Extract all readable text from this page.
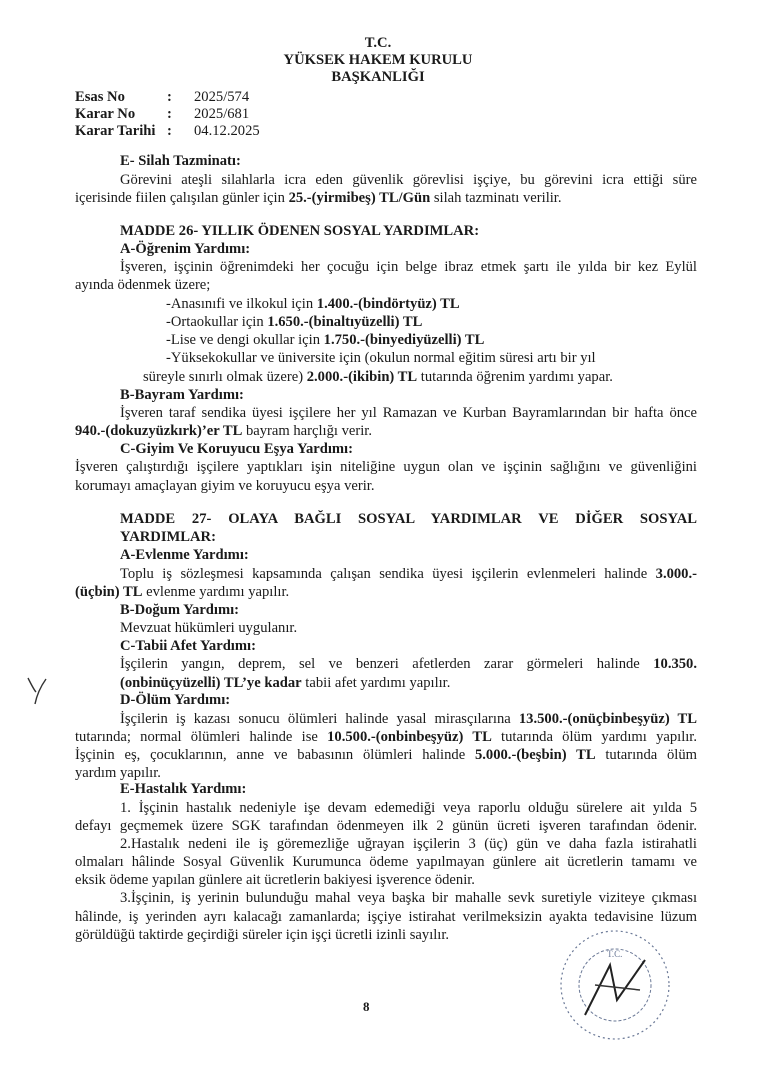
T.C.
YÜKSEK HAKEM KURULU
BAŞKANLIĞI
Esas No	: 2025/574
Karar No : 2025/681
Karar Tarihi : 04.12.2025
E- Silah Tazminatı:
Görevini ateşli silahlarla icra eden güvenlik görevlisi işçiye, bu görevini icra ettiği süre
içerisinde fiilen çalışılan günler için 25.-(yirmibeş) TL/Gün silah tazminatı verilir.
MADDE 26- YILLIK ÖDENEN SOSYAL YARDIMLAR:
A-Öğrenim Yardımı:
İşveren, işçinin öğrenimdeki her çocuğu için belge ibraz etmek şartı ile yılda bir kez Eylül
ayında ödenmek üzere;
-Anasınıfi ve ilkokul için 1.400.-(bindörtyüz) TL
-Ortaokullar için 1.650.-(binaltıyüzelli) TL
-Lise ve dengi okullar için 1.750.-(binyediyüzelli) TL
-Yüksekokullar ve üniversite için (okulun normal eğitim süresi artı bir yıl
süreyle sınırlı olmak üzere) 2.000.-(ikibin) TL tutarında öğrenim yardımı yapar.
B-Bayram Yardımı:
İşveren taraf sendika üyesi işçilere her yıl Ramazan ve Kurban Bayramlarından bir hafta önce
940.-(dokuzyüzkırk)’er TL bayram harçlığı verir.
C-Giyim Ve Koruyucu Eşya Yardımı:
İşveren çalıştırdığı işçilere yaptıkları işin niteliğine uygun olan ve işçinin sağlığını ve güvenliğini
korumayı amaçlayan giyim ve koruyucu eşya verir.
MADDE 27- OLAYA BAĞLI SOSYAL YARDIMLAR VE DİĞER SOSYAL
YARDIMLAR:
A-Evlenme Yardımı:
Toplu iş sözleşmesi kapsamında çalışan sendika üyesi işçilerin evlenmeleri halinde 3.000.-
(üçbin) TL evlenme yardımı yapılır.
B-Doğum Yardımı:
Mevzuat hükümleri uygulanır.
C-Tabii Afet Yardımı:
İşçilerin yangın, deprem, sel ve benzeri afetlerden zarar görmeleri halinde 10.350.
(onbinüçyüzelli) TL’ye kadar tabii afet yardımı yapılır.
D-Ölüm Yardımı:
İşçilerin iş kazası sonucu ölümleri halinde yasal mirasçılarına 13.500.-(onüçbinbeşyüz) TL
tutarında; normal ölümleri halinde ise 10.500.-(onbinbeşyüz) TL tutarında ölüm yardımı yapılır.
İşçinin eş, çocuklarının, anne ve babasının ölümleri halinde 5.000.-(beşbin) TL tutarında ölüm
yardım yapılır.
E-Hastalık Yardımı:
1. İşçinin hastalık nedeniyle işe devam edemediği veya raporlu olduğu sürelere ait yılda 5
defayı geçmemek üzere SGK tarafından ödenmeyen ilk 2 günün ücreti işveren tarafından ödenir.
2.Hastalık nedeni ile iş göremezliğe uğrayan işçilerin 3 (üç) gün ve daha fazla istirahatli
olmaları hâlinde Sosyal Güvenlik Kurumunca ödeme yapılmayan günlere ait ücretlerin tamamı ve
eksik ödeme yapılan günlere ait ücretlerin bakiyesi işverence ödenir.
3.İşçinin, iş yerinin bulunduğu mahal veya başka bir mahalle sevk suretiyle viziteye çıkması
hâlinde, iş yerinden ayrı kalacağı zamanlarda; işçiye istirahat verilmeksizin ayakta tedavisine lüzum
görüldüğü taktirde geçirdiği süreler için işçi ücretli izinli sayılır.
8
T.C.
